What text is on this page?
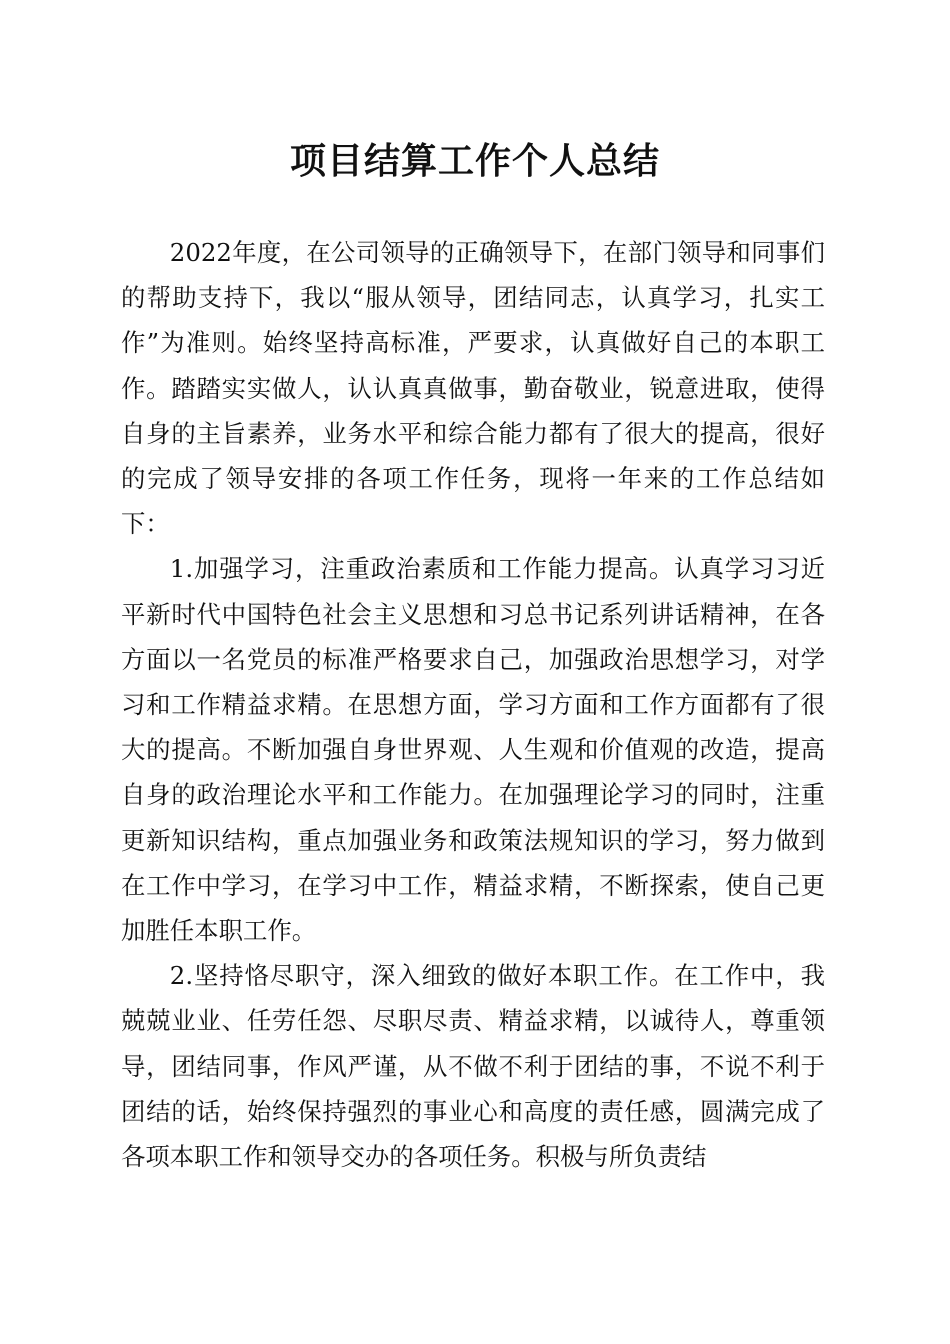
项目结算工作个人总结

2022年度，在公司领导的正确领导下，在部门领导和同事们的帮助支持下，我以“服从领导，团结同志，认真学习，扎实工作”为准则。始终坚持高标准，严要求，认真做好自己的本职工作。踏踏实实做人，认认真真做事，勤奋敬业，锐意进取，使得自身的主旨素养，业务水平和综合能力都有了很大的提高，很好的完成了领导安排的各项工作任务，现将一年来的工作总结如下：

1.加强学习，注重政治素质和工作能力提高。认真学习习近平新时代中国特色社会主义思想和习总书记系列讲话精神，在各方面以一名党员的标准严格要求自己，加强政治思想学习，对学习和工作精益求精。在思想方面，学习方面和工作方面都有了很大的提高。不断加强自身世界观、人生观和价值观的改造，提高自身的政治理论水平和工作能力。在加强理论学习的同时，注重更新知识结构，重点加强业务和政策法规知识的学习，努力做到在工作中学习，在学习中工作，精益求精，不断探索，使自己更加胜任本职工作。

2.坚持恪尽职守，深入细致的做好本职工作。在工作中，我兢兢业业、任劳任怨、尽职尽责、精益求精，以诚待人，尊重领导，团结同事，作风严谨，从不做不利于团结的事，不说不利于团结的话，始终保持强烈的事业心和高度的责任感，圆满完成了各项本职工作和领导交办的各项任务。积极与所负责结
